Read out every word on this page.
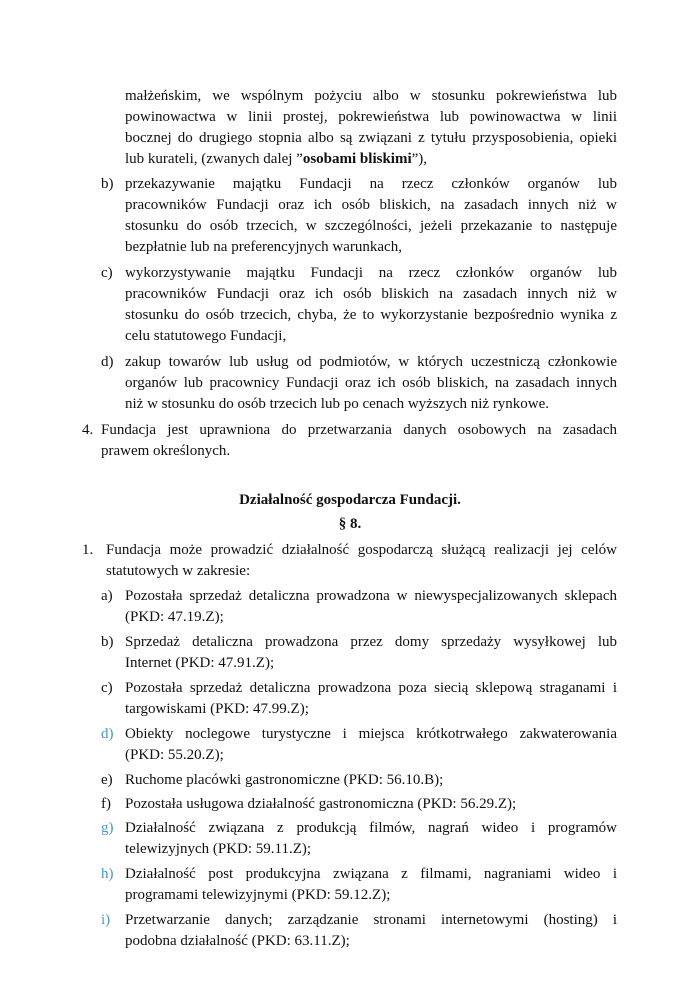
małżeńskim, we wspólnym pożyciu albo w stosunku pokrewieństwa lub
powinowactwa w linii prostej, pokrewieństwa lub powinowactwa w linii
bocznej do drugiego stopnia albo są związani z tytułu przysposobienia, opieki
lub kurateli, (zwanych dalej ”osobami bliskimi”),
b) przekazywanie majątku Fundacji na rzecz członków organów lub
pracowników Fundacji oraz ich osób bliskich, na zasadach innych niż w
stosunku do osób trzecich, w szczególności, jeżeli przekazanie to następuje
bezpłatnie lub na preferencyjnych warunkach,
c) wykorzystywanie majątku Fundacji na rzecz członków organów lub
pracowników Fundacji oraz ich osób bliskich na zasadach innych niż w
stosunku do osób trzecich, chyba, że to wykorzystanie bezpośrednio wynika z
celu statutowego Fundacji,
d) zakup towarów lub usług od podmiotów, w których uczestniczą członkowie
organów lub pracownicy Fundacji oraz ich osób bliskich, na zasadach innych
niż w stosunku do osób trzecich lub po cenach wyższych niż rynkowe.
4. Fundacja jest uprawniona do przetwarzania danych osobowych na zasadach
prawem określonych.
Działalność gospodarcza Fundacji.
§ 8.
1. Fundacja może prowadzić działalność gospodarczą służącą realizacji jej celów
statutowych w zakresie:
a) Pozostała sprzedaż detaliczna prowadzona w niewyspecjalizowanych sklepach
(PKD: 47.19.Z);
b) Sprzedaż detaliczna prowadzona przez domy sprzedaży wysyłkowej lub
Internet (PKD: 47.91.Z);
c) Pozostała sprzedaż detaliczna prowadzona poza siecią sklepową straganami i
targowiskami (PKD: 47.99.Z);
d) Obiekty noclegowe turystyczne i miejsca krótkotrwałego zakwaterowania
(PKD: 55.20.Z);
e) Ruchome placówki gastronomiczne (PKD: 56.10.B);
f) Pozostała usługowa działalność gastronomiczna (PKD: 56.29.Z);
g) Działalność związana z produkcją filmów, nagrań wideo i programów
telewizyjnych (PKD: 59.11.Z);
h) Działalność post produkcyjna związana z filmami, nagraniami wideo i
programami telewizyjnymi (PKD: 59.12.Z);
i) Przetwarzanie danych; zarządzanie stronami internetowymi (hosting) i
podobna działalność (PKD: 63.11.Z);
